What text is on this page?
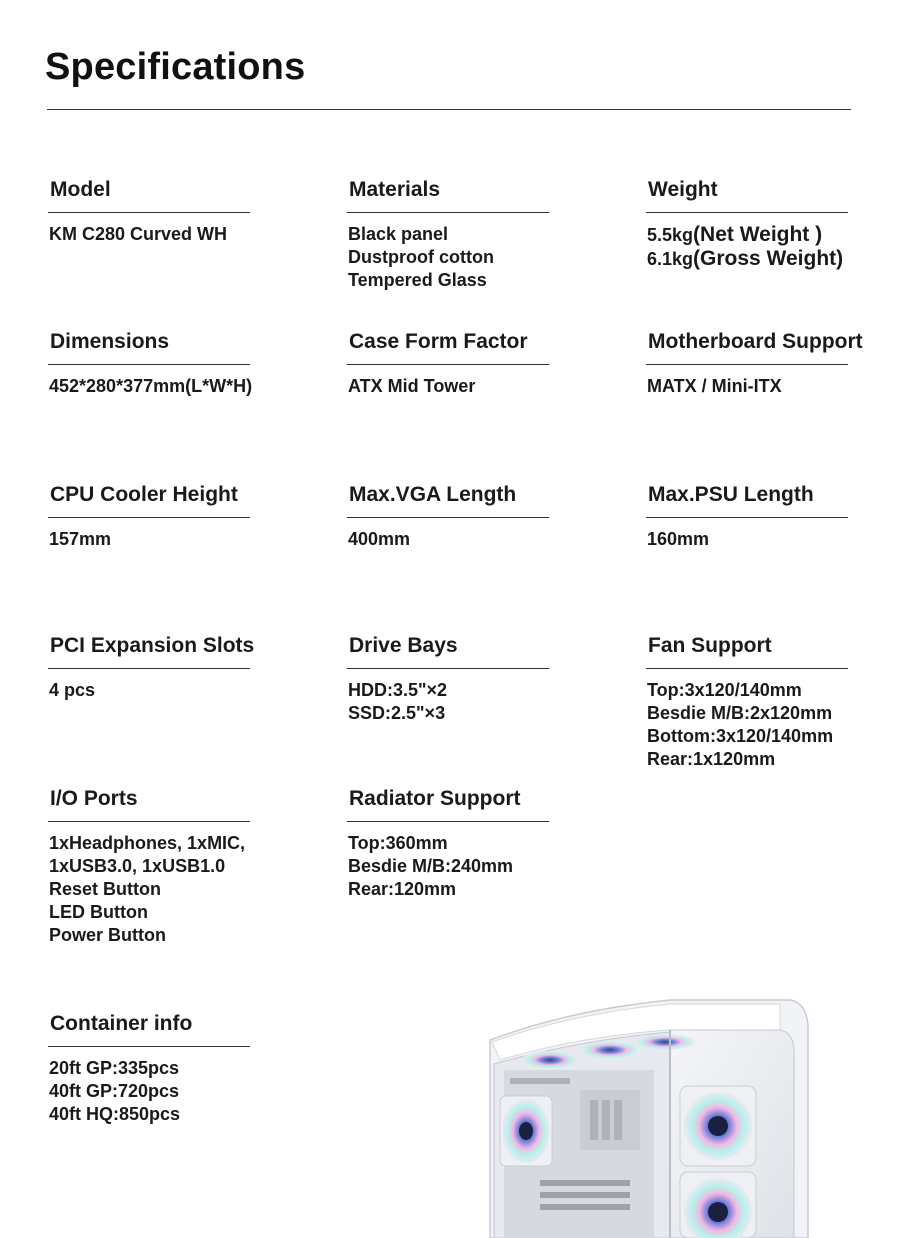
Specifications
Model
KM C280 Curved WH
Materials
Black panel
Dustproof cotton
Tempered Glass
Weight
5.5kg(Net Weight )
6.1kg(Gross Weight)
Dimensions
452*280*377mm(L*W*H)
Case Form Factor
ATX Mid Tower
Motherboard Support
MATX / Mini-ITX
CPU Cooler Height
157mm
Max.VGA Length
400mm
Max.PSU Length
160mm
PCI Expansion Slots
4 pcs
Drive Bays
HDD:3.5"×2
SSD:2.5"×3
Fan Support
Top:3x120/140mm
Besdie M/B:2x120mm
Bottom:3x120/140mm
Rear:1x120mm
I/O Ports
1xHeadphones, 1xMIC,
1xUSB3.0, 1xUSB1.0
Reset Button
LED Button
Power Button
Radiator Support
Top:360mm
Besdie M/B:240mm
Rear:120mm
Container info
20ft GP:335pcs
40ft GP:720pcs
40ft HQ:850pcs
